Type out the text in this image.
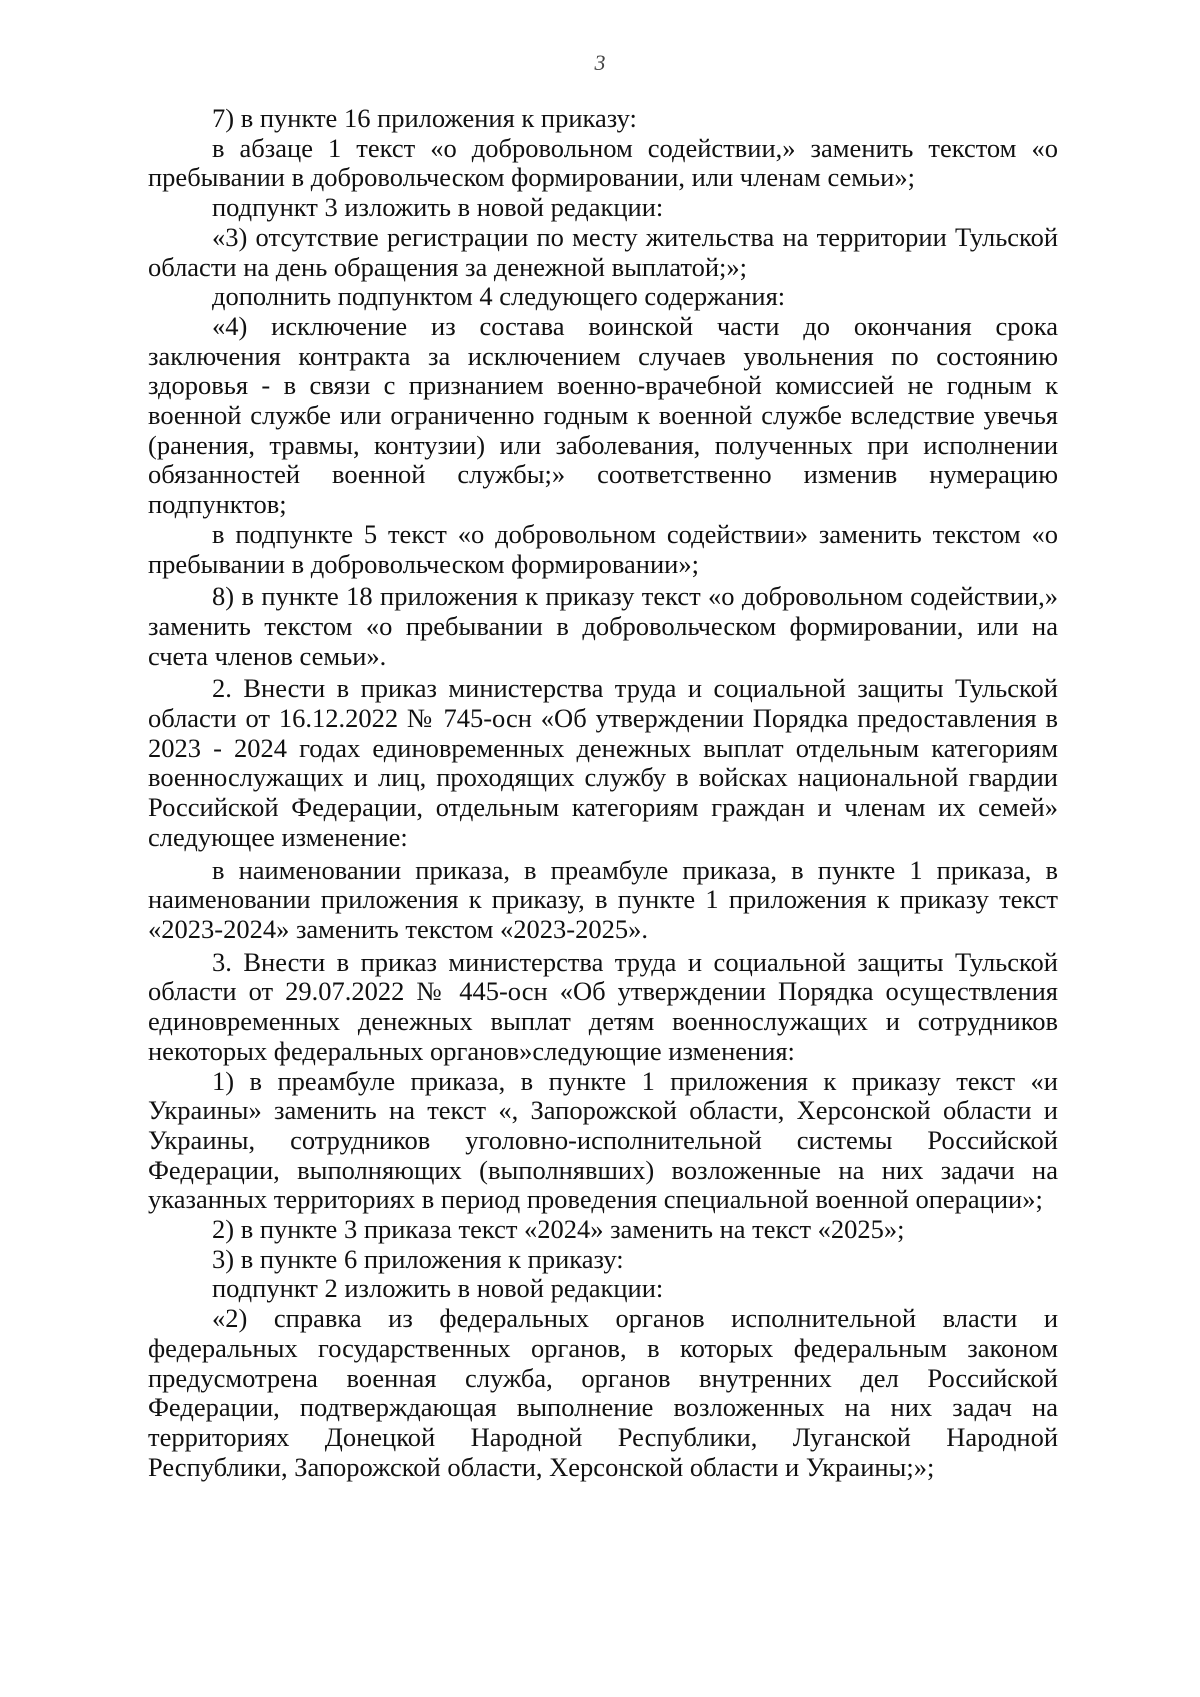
3

7) в пункте 16 приложения к приказу:

в абзаце 1 текст «о добровольном содействии,» заменить текстом «о пребывании в добровольческом формировании, или членам семьи»;

подпункт 3 изложить в новой редакции:

«3) отсутствие регистрации по месту жительства на территории Тульской области на день обращения за денежной выплатой;»;

дополнить подпунктом 4 следующего содержания:

«4) исключение из состава воинской части до окончания срока заключения контракта за исключением случаев увольнения по состоянию здоровья - в связи с признанием военно-врачебной комиссией не годным к военной службе или ограниченно годным к военной службе вследствие увечья (ранения, травмы, контузии) или заболевания, полученных при исполнении обязанностей военной службы;» соответственно изменив нумерацию подпунктов;

в подпункте 5 текст «о добровольном содействии» заменить текстом «о пребывании в добровольческом формировании»;

8) в пункте 18 приложения к приказу текст «о добровольном содействии,» заменить текстом «о пребывании в добровольческом формировании, или на счета членов семьи».

2. Внести в приказ министерства труда и социальной защиты Тульской области от 16.12.2022 № 745-осн «Об утверждении Порядка предоставления в 2023 - 2024 годах единовременных денежных выплат отдельным категориям военнослужащих и лиц, проходящих службу в войсках национальной гвардии Российской Федерации, отдельным категориям граждан и членам их семей» следующее изменение:

в наименовании приказа, в преамбуле приказа, в пункте 1 приказа, в наименовании приложения к приказу, в пункте 1 приложения к приказу текст «2023-2024» заменить текстом «2023-2025».

3. Внести в приказ министерства труда и социальной защиты Тульской области от 29.07.2022 № 445-осн «Об утверждении Порядка осуществления единовременных денежных выплат детям военнослужащих и сотрудников некоторых федеральных органов»следующие изменения:

1) в преамбуле приказа, в пункте 1 приложения к приказу текст «и Украины» заменить на текст «, Запорожской области, Херсонской области и Украины, сотрудников уголовно-исполнительной системы Российской Федерации, выполняющих (выполнявших) возложенные на них задачи на указанных территориях в период проведения специальной военной операции»;

2) в пункте 3 приказа текст «2024» заменить на текст «2025»;

3) в пункте 6 приложения к приказу:

подпункт 2 изложить в новой редакции:

«2) справка из федеральных органов исполнительной власти и федеральных государственных органов, в которых федеральным законом предусмотрена военная служба, органов внутренних дел Российской Федерации, подтверждающая выполнение возложенных на них задач на территориях Донецкой Народной Республики, Луганской Народной Республики, Запорожской области, Херсонской области и Украины;»;
